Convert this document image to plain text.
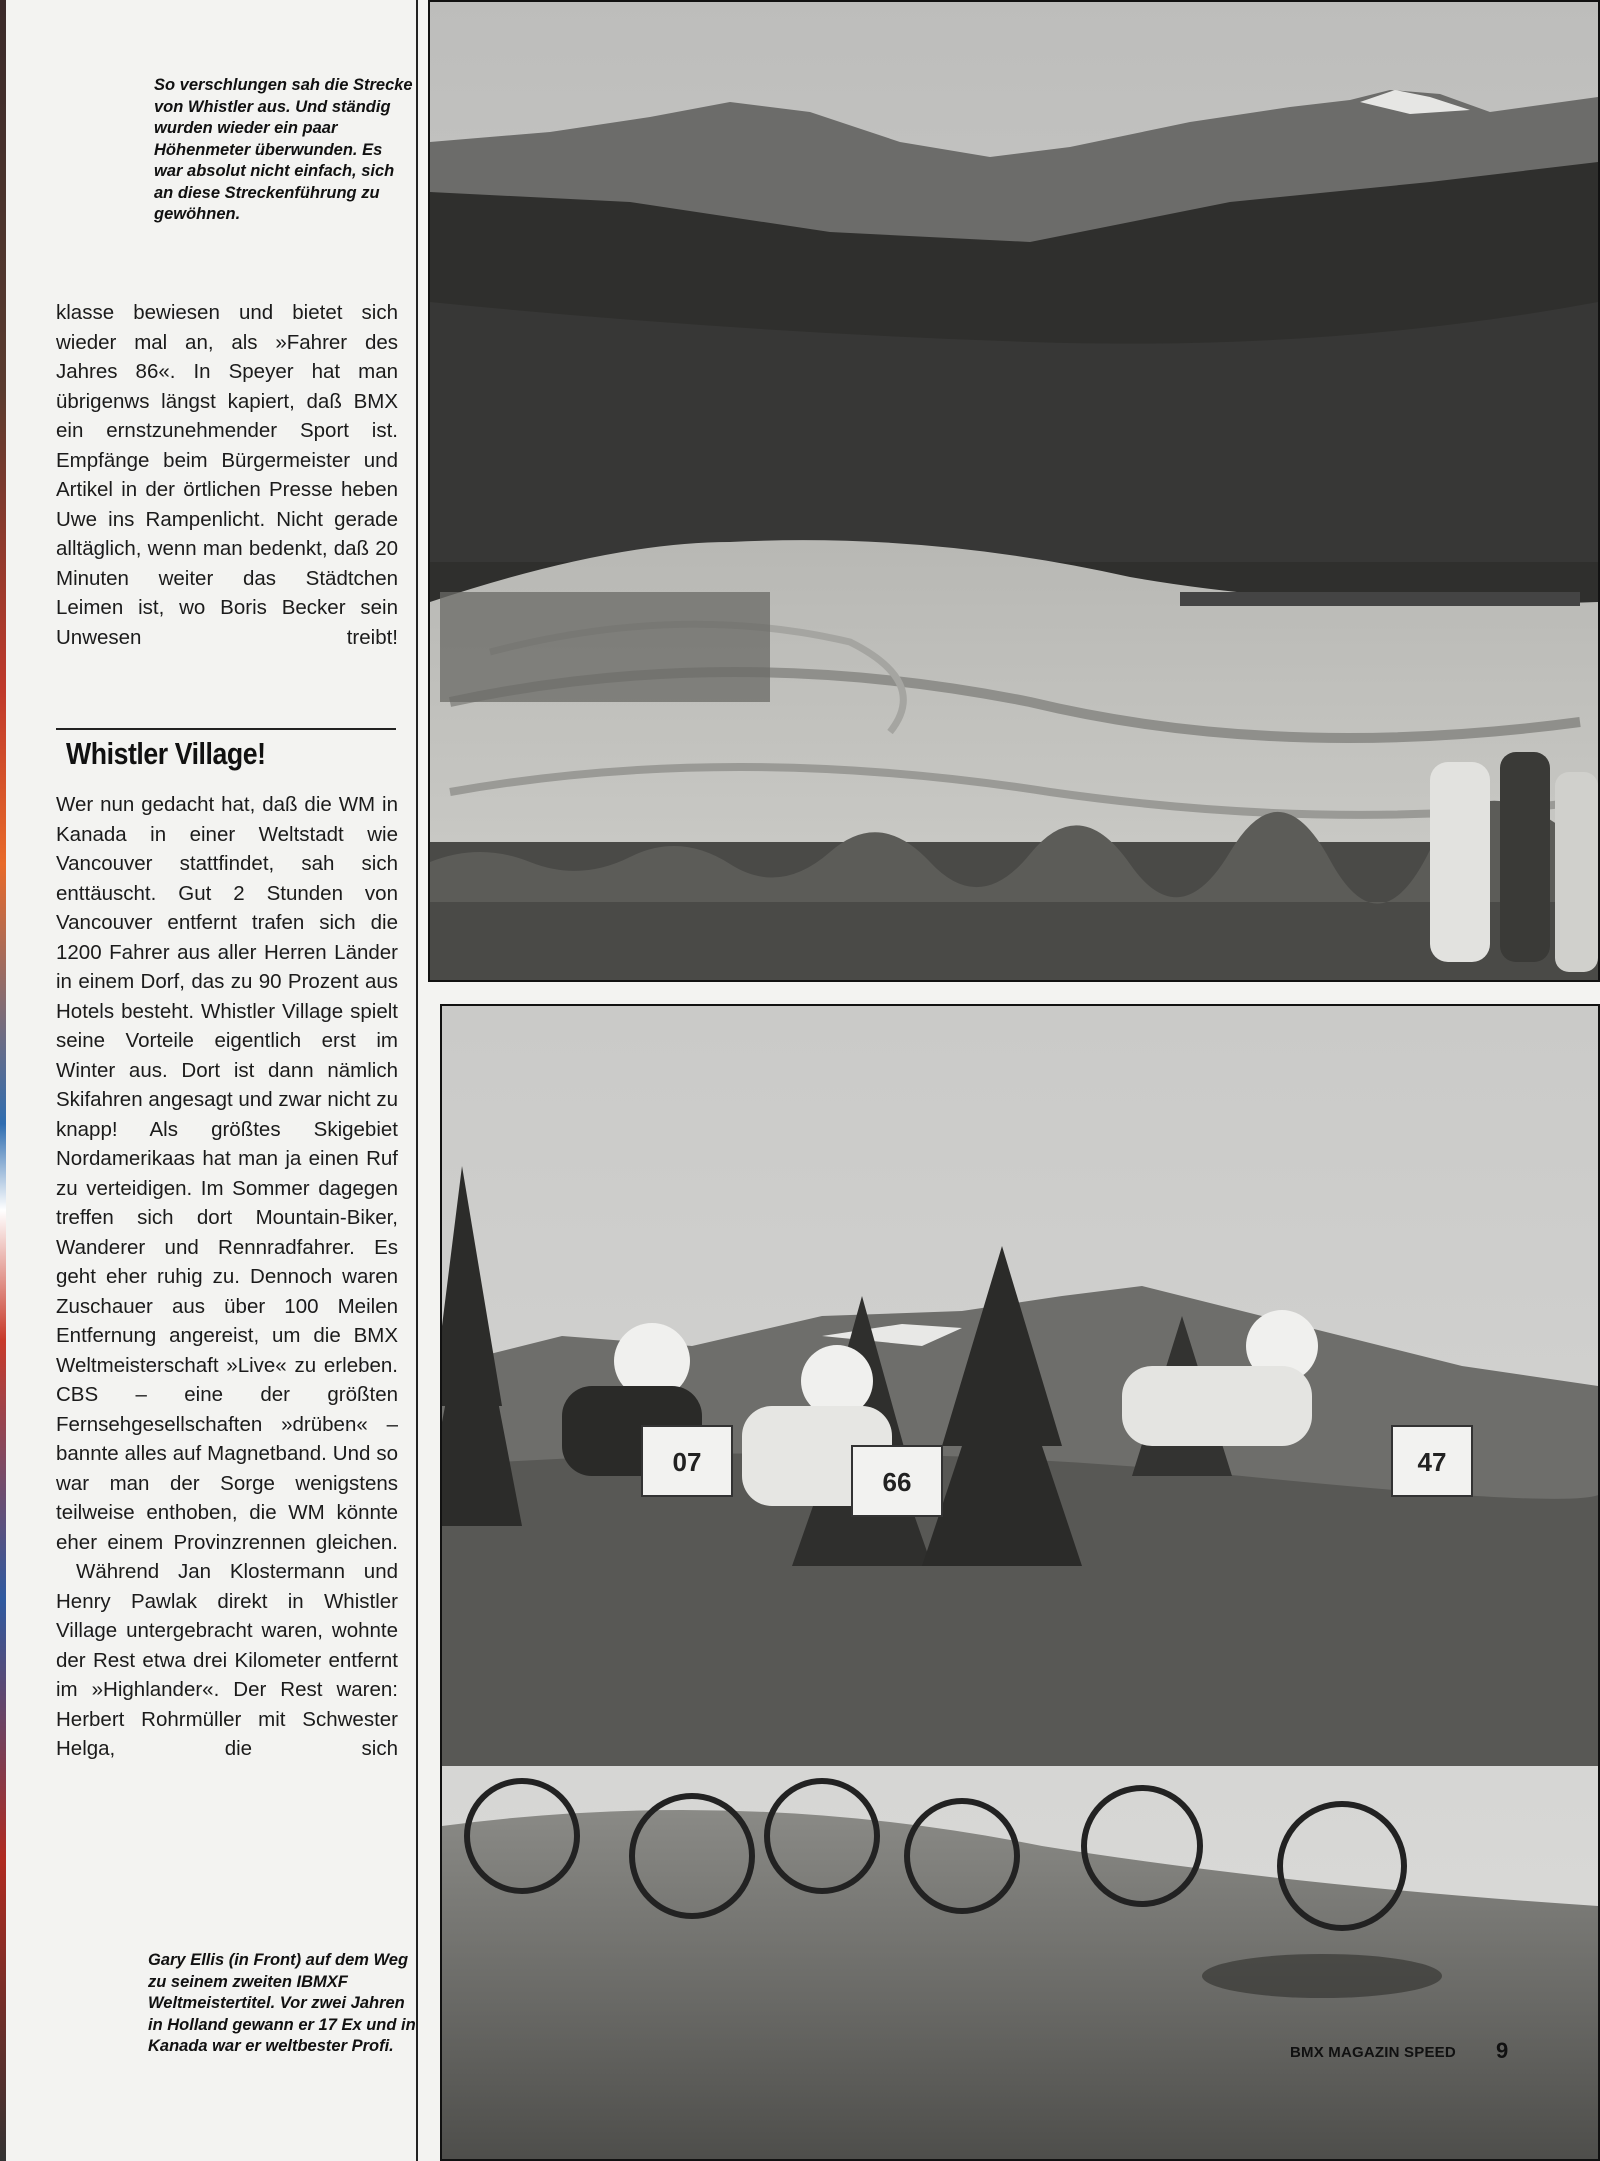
So verschlungen sah die Strecke von Whistler aus. Und ständig wurden wieder ein paar Höhenmeter überwunden. Es war absolut nicht einfach, sich an diese Streckenführung zu gewöhnen.
klasse bewiesen und bietet sich wieder mal an, als »Fahrer des Jahres 86«. In Speyer hat man übrigenws längst kapiert, daß BMX ein ernstzunehmender Sport ist. Empfänge beim Bürgermeister und Artikel in der örtlichen Presse heben Uwe ins Rampenlicht. Nicht gerade alltäglich, wenn man bedenkt, daß 20 Minuten weiter das Städtchen Leimen ist, wo Boris Becker sein Unwesen treibt!
Whistler Village!

Wer nun gedacht hat, daß die WM in Kanada in einer Weltstadt wie Vancouver stattfindet, sah sich enttäuscht. Gut 2 Stunden von Vancouver entfernt trafen sich die 1200 Fahrer aus aller Herren Länder in einem Dorf, das zu 90 Prozent aus Hotels besteht. Whistler Village spielt seine Vorteile eigentlich erst im Winter aus. Dort ist dann nämlich Skifahren angesagt und zwar nicht zu knapp! Als größtes Skigebiet Nordamerikaas hat man ja einen Ruf zu verteidigen. Im Sommer dagegen treffen sich dort Mountain-Biker, Wanderer und Rennradfahrer. Es geht eher ruhig zu. Dennoch waren Zuschauer aus über 100 Meilen Entfernung angereist, um die BMX Weltmeisterschaft »Live« zu erleben. CBS – eine der größten Fernsehgesellschaften »drüben« – bannte alles auf Magnetband. Und so war man der Sorge wenigstens teilweise enthoben, die WM könnte eher einem Provinzrennen gleichen.

Während Jan Klostermann und Henry Pawlak direkt in Whistler Village untergebracht waren, wohnte der Rest etwa drei Kilometer entfernt im »Highlander«. Der Rest waren: Herbert Rohrmüller mit Schwester Helga, die sich

Gary Ellis (in Front) auf dem Weg zu seinem zweiten IBMXF Weltmeistertitel. Vor zwei Jahren in Holland gewann er 17 Ex und in Kanada war er weltbester Profi.
07
66
47
BMX MAGAZIN SPEED 9
